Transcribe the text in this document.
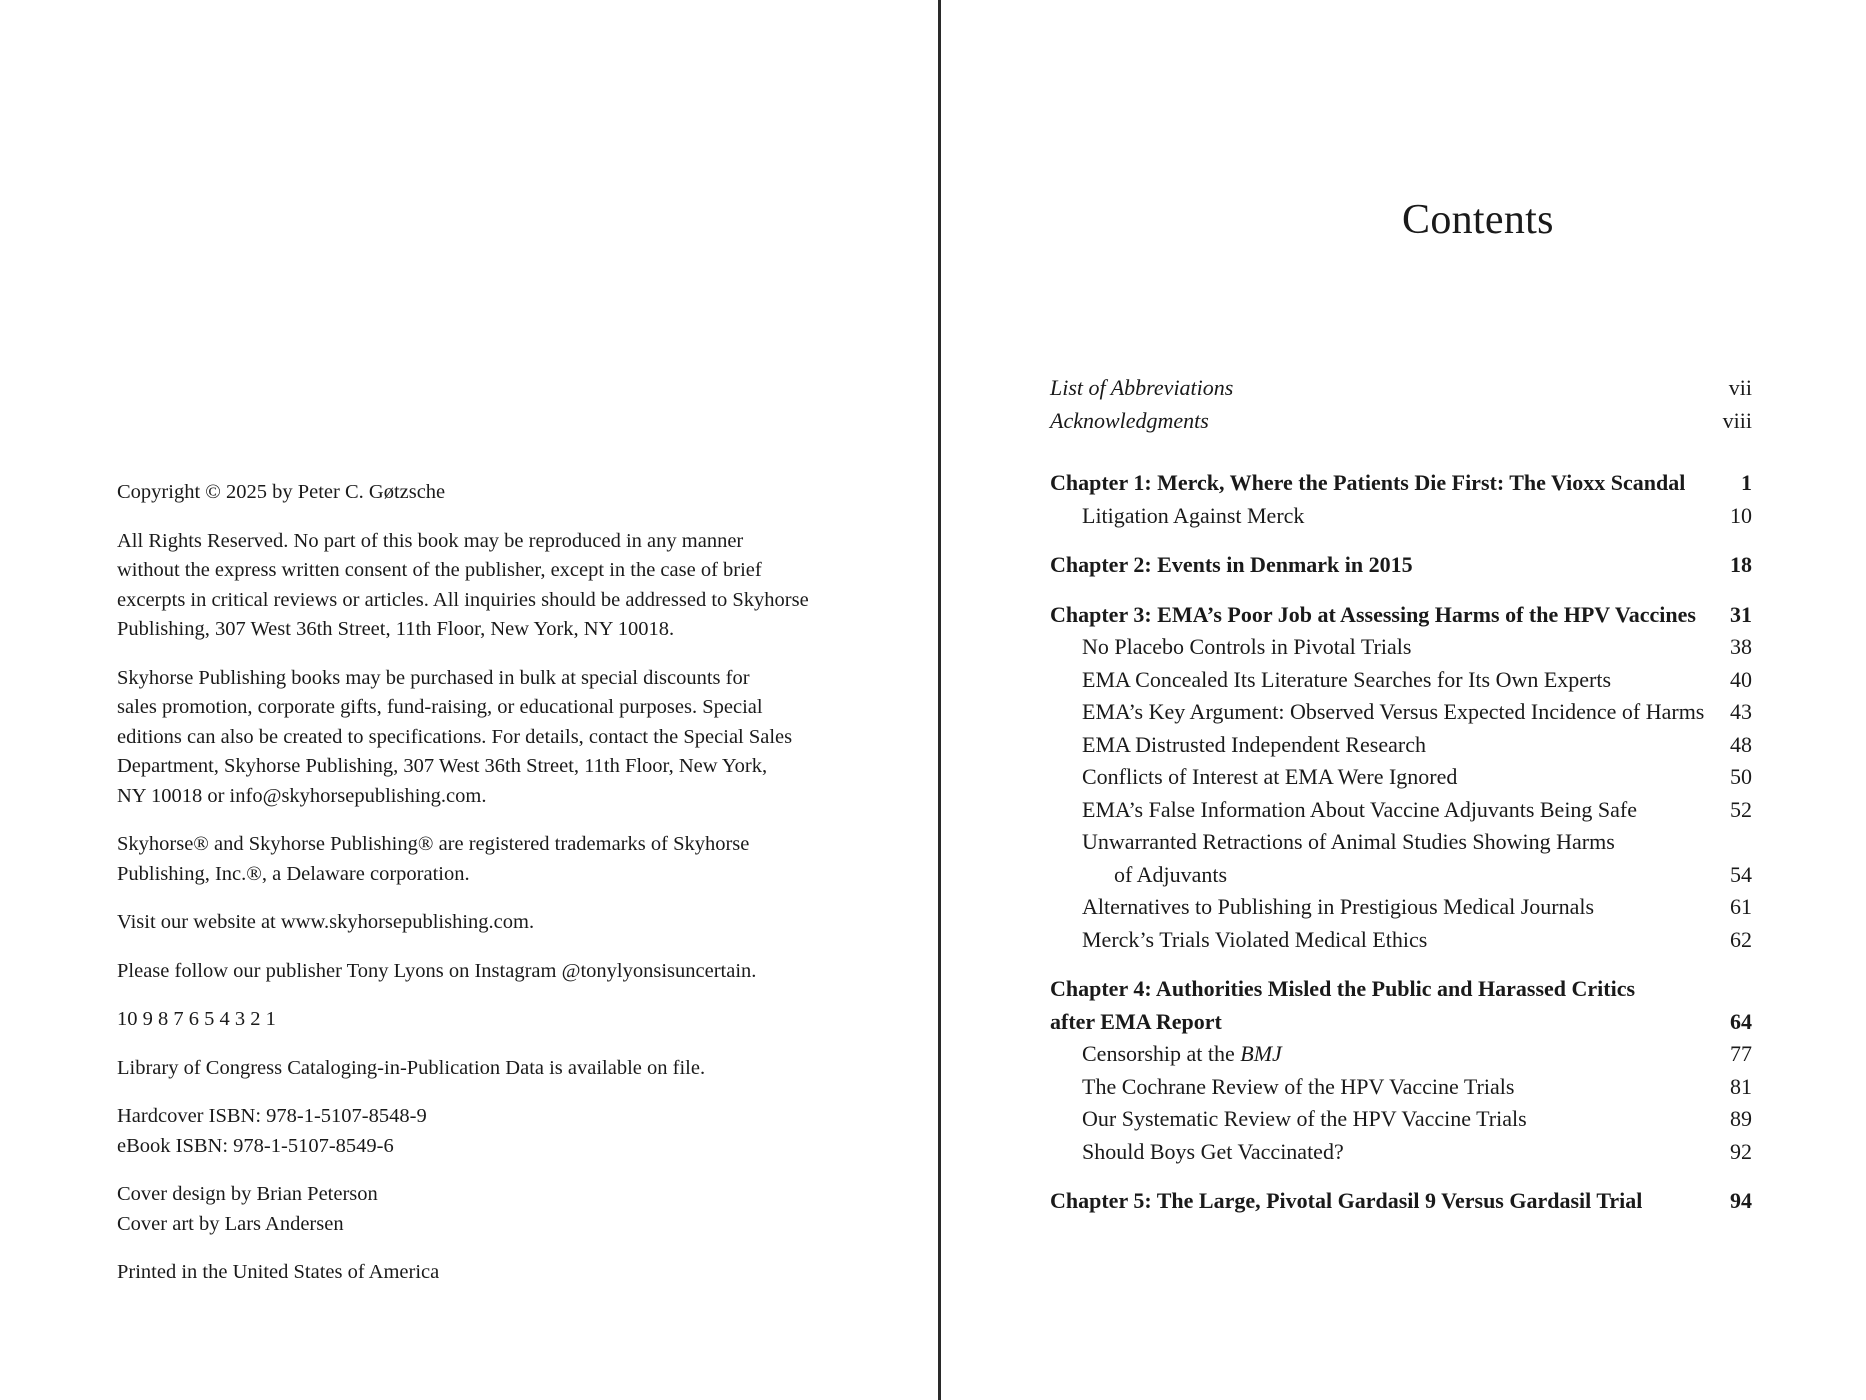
Copyright © 2025 by Peter C. Gøtzsche

All Rights Reserved. No part of this book may be reproduced in any manner
without the express written consent of the publisher, except in the case of brief
excerpts in critical reviews or articles. All inquiries should be addressed to Skyhorse
Publishing, 307 West 36th Street, 11th Floor, New York, NY 10018.

Skyhorse Publishing books may be purchased in bulk at special discounts for
sales promotion, corporate gifts, fund-raising, or educational purposes. Special
editions can also be created to specifications. For details, contact the Special Sales
Department, Skyhorse Publishing, 307 West 36th Street, 11th Floor, New York,
NY 10018 or info@skyhorsepublishing.com.

Skyhorse® and Skyhorse Publishing® are registered trademarks of Skyhorse
Publishing, Inc.®, a Delaware corporation.

Visit our website at www.skyhorsepublishing.com.

Please follow our publisher Tony Lyons on Instagram @tonylyonsisuncertain.

10 9 8 7 6 5 4 3 2 1

Library of Congress Cataloging-in-Publication Data is available on file.

Hardcover ISBN: 978-1-5107-8548-9
eBook ISBN: 978-1-5107-8549-6

Cover design by Brian Peterson
Cover art by Lars Andersen

Printed in the United States of America

Contents
List of Abbreviations	vii
Acknowledgments	viii
Chapter 1: Merck, Where the Patients Die First: The Vioxx Scandal	1
Litigation Against Merck	10
Chapter 2: Events in Denmark in 2015	18
Chapter 3: EMA’s Poor Job at Assessing Harms of the HPV Vaccines	31
No Placebo Controls in Pivotal Trials	38
EMA Concealed Its Literature Searches for Its Own Experts	40
EMA’s Key Argument: Observed Versus Expected Incidence of Harms	43
EMA Distrusted Independent Research	48
Conflicts of Interest at EMA Were Ignored	50
EMA’s False Information About Vaccine Adjuvants Being Safe	52
Unwarranted Retractions of Animal Studies Showing Harms
of Adjuvants	54
Alternatives to Publishing in Prestigious Medical Journals	61
Merck’s Trials Violated Medical Ethics	62
Chapter 4: Authorities Misled the Public and Harassed Critics
after EMA Report	64
Censorship at the BMJ	77
The Cochrane Review of the HPV Vaccine Trials	81
Our Systematic Review of the HPV Vaccine Trials	89
Should Boys Get Vaccinated?	92
Chapter 5: The Large, Pivotal Gardasil 9 Versus Gardasil Trial	94
